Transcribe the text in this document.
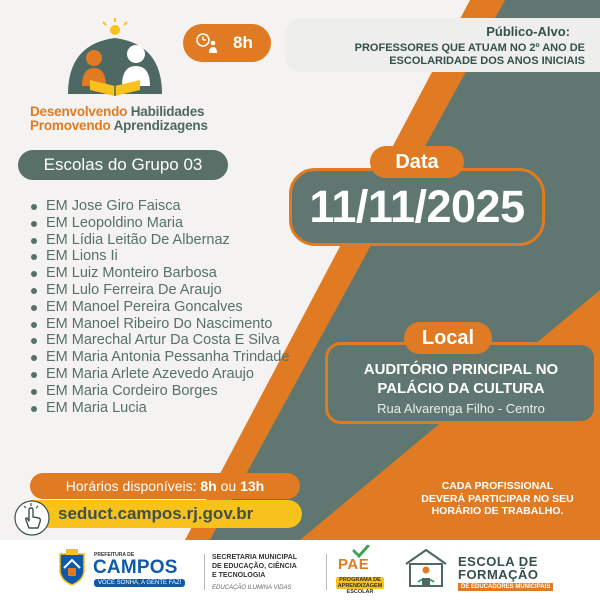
Desenvolvendo Habilidades
Promovendo Aprendizagens
8h
Público-Alvo:
PROFESSORES QUE ATUAM NO 2º ANO DE
ESCOLARIDADE DOS ANOS INICIAIS
Escolas do Grupo 03
EM Jose Giro Faisca
EM Leopoldino Maria
EM Lídia Leitão De Albernaz
EM Lions Ii
EM Luiz Monteiro Barbosa
EM Lulo Ferreira De Araujo
EM Manoel Pereira Goncalves
EM Manoel Ribeiro Do Nascimento
EM Marechal Artur Da Costa E Silva
EM Maria Antonia Pessanha Trindade
EM Maria Arlete Azevedo Araujo
EM Maria Cordeiro Borges
EM Maria Lucia
11/11/2025
Data
AUDITÓRIO PRINCIPAL NO
PALÁCIO DA CULTURA
Rua Alvarenga Filho - Centro
Local
Horários disponíveis: 8h ou 13h
seduct.campos.rj.gov.br
CADA PROFISSIONAL
DEVERÁ PARTICIPAR NO SEU
HORÁRIO DE TRABALHO.
PREFEITURA DE
CAMPOS
VOCÊ SONHA, A GENTE FAZ!
SECRETARIA MUNICIPAL
DE EDUCAÇÃO, CIÊNCIA
E TECNOLOGIA
EDUCAÇÃO ILUMINA VIDAS
PAE
PROGRAMA DE
APRENDIZAGEM ESCOLAR
ESCOLA DE
FORMAÇÃO
DE EDUCADORES MUNICIPAIS
